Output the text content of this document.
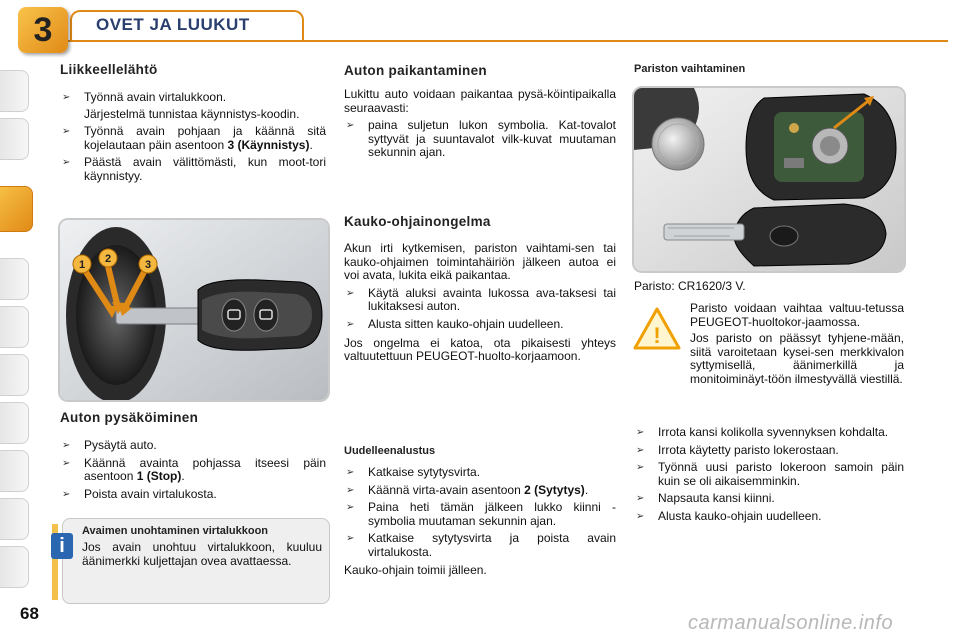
3	OVET JA LUUKUT
Liikkeellelähtö
➢ Työnnä avain virtalukkoon.
Järjestelmä tunnistaa käynnistys-koodin.
➢ Työnnä avain pohjaan ja käännä sitä kojelautaan päin asentoon 3 (Käynnistys).
➢ Päästä avain välittömästi, kun moot-tori käynnistyy.
1 2	3
Auton pysäköiminen
➢ Pysäytä auto.
➢ Käännä avainta pohjassa itseesi päin asentoon 1 (Stop).
➢ Poista avain virtalukosta.
i
Avaimen unohtaminen virtalukkoon

Jos avain unohtuu virtalukkoon, kuuluu äänimerkki kuljettajan ovea avattaessa.

Auton paikantaminen

Lukittu auto voidaan paikantaa pysä-köintipaikalla seuraavasti:

➢ paina suljetun lukon symbolia. Kat-tovalot syttyvät ja suuntavalot vilk-kuvat muutaman sekunnin ajan.
Kauko-ohjainongelma

Akun irti kytkemisen, pariston vaihtami-sen tai kauko-ohjaimen toimintahäiriön jälkeen autoa ei voi avata, lukita eikä paikantaa.

➢ Käytä aluksi avainta lukossa ava-taksesi tai lukitaksesi auton.
➢ Alusta sitten kauko-ohjain uudelleen.

Jos ongelma ei katoa, ota pikaisesti yhteys valtuutettuun PEUGEOT-huolto-korjaamoon.

Uudelleenalustus
➢ Katkaise sytytysvirta.
➢ Käännä virta-avain asentoon 2 (Sytytys).
➢ Paina heti tämän jälkeen lukko kiinni -symbolia muutaman sekunnin ajan.
➢ Katkaise sytytysvirta ja poista avain virtalukosta.

Kauko-ohjain toimii jälleen.

Pariston vaihtaminen

Paristo: CR1620/3 V.

!

Paristo voidaan vaihtaa valtuu-tetussa PEUGEOT-huoltokor-jaamossa.

Jos paristo on päässyt tyhjene-mään, siitä varoitetaan kysei-sen merkkivalon syttymisellä, äänimerkillä ja monitoiminäyt-töön ilmestyvällä viestillä.

➢ Irrota kansi kolikolla syvennyksen kohdalta.
➢ Irrota käytetty paristo lokerostaan.
➢ Työnnä uusi paristo lokeroon samoin päin kuin se oli aikaisemminkin.
➢ Napsauta kansi kiinni.
➢ Alusta kauko-ohjain uudelleen.
68	carmanualsonline.info
